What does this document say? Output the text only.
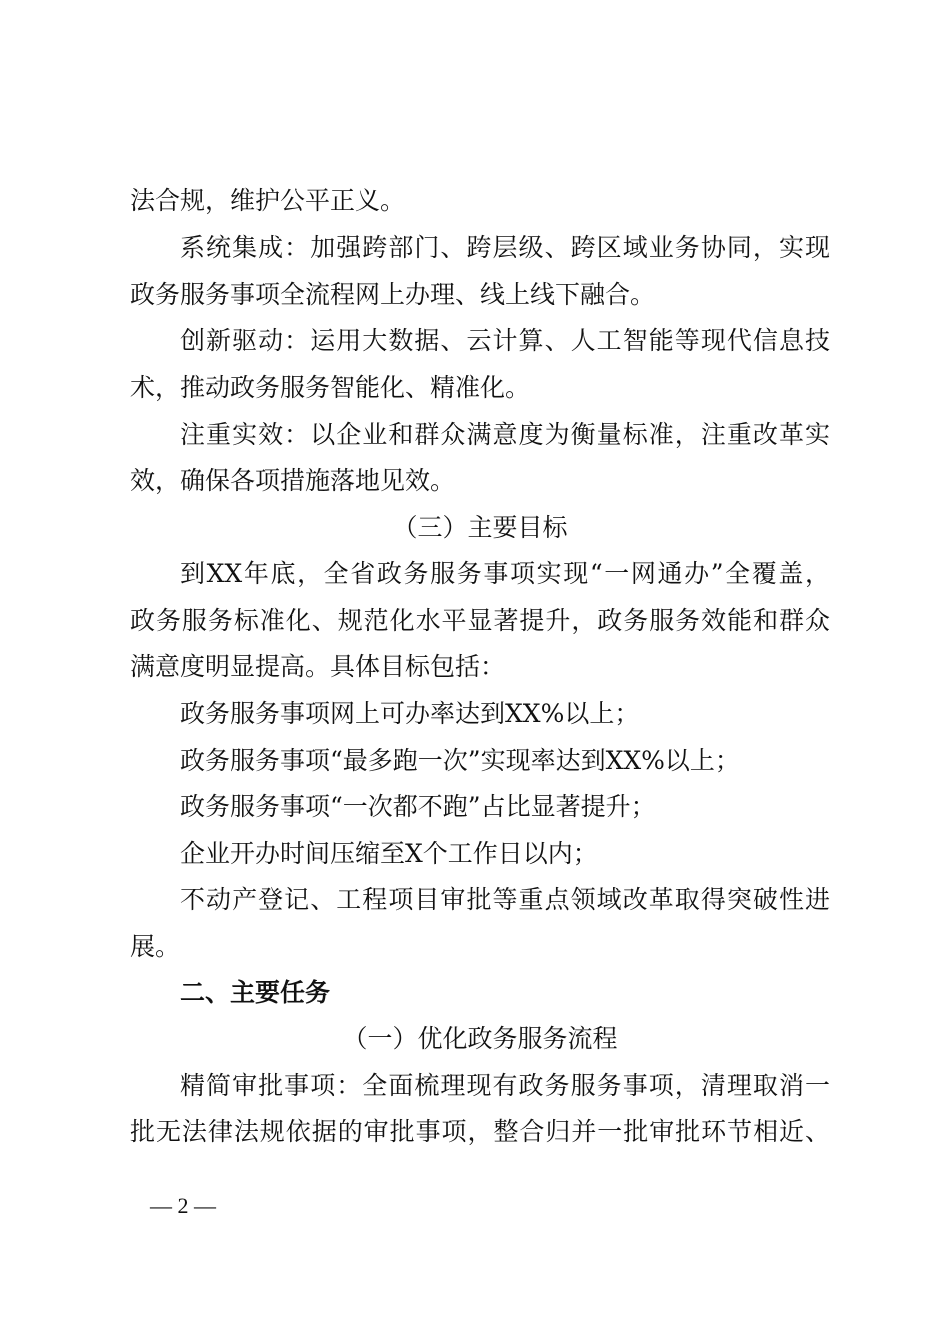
法合规，维护公平正义。
系统集成：加强跨部门、跨层级、跨区域业务协同，实现
政务服务事项全流程网上办理、线上线下融合。
创新驱动：运用大数据、云计算、人工智能等现代信息技
术，推动政务服务智能化、精准化。
注重实效：以企业和群众满意度为衡量标准，注重改革实
效，确保各项措施落地见效。
（三）主要目标
到XX年底，全省政务服务事项实现“一网通办”全覆盖，
政务服务标准化、规范化水平显著提升，政务服务效能和群众
满意度明显提高。具体目标包括：
政务服务事项网上可办率达到XX%以上；
政务服务事项“最多跑一次”实现率达到XX%以上；
政务服务事项“一次都不跑”占比显著提升；
企业开办时间压缩至X个工作日以内；
不动产登记、工程项目审批等重点领域改革取得突破性进
展。
二、主要任务
（一）优化政务服务流程
精简审批事项：全面梳理现有政务服务事项，清理取消一
批无法律法规依据的审批事项，整合归并一批审批环节相近、
— 2 —
